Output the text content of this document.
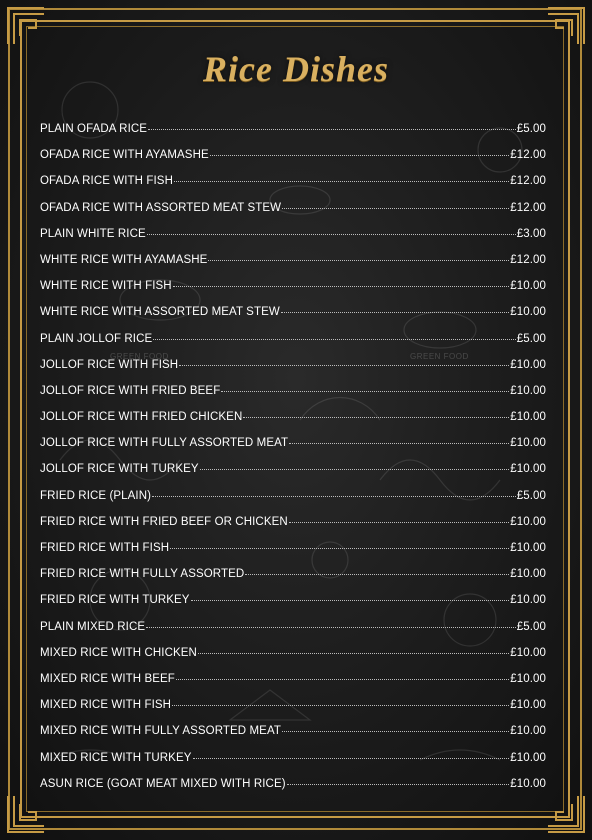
GREEN FOOD	GREEN FOOD
Rice Dishes
PLAIN OFADA RICE	£5.00
OFADA RICE WITH AYAMASHE	£12.00
OFADA RICE WITH FISH	£12.00
OFADA RICE WITH ASSORTED MEAT STEW	£12.00
PLAIN WHITE RICE	£3.00
WHITE RICE WITH AYAMASHE	£12.00
WHITE RICE WITH FISH	£10.00
WHITE RICE WITH ASSORTED MEAT STEW	£10.00
PLAIN JOLLOF RICE	£5.00
JOLLOF RICE WITH FISH	£10.00
JOLLOF RICE WITH FRIED BEEF	£10.00
JOLLOF RICE WITH FRIED CHICKEN	£10.00
JOLLOF RICE WITH FULLY ASSORTED MEAT	£10.00
JOLLOF RICE WITH TURKEY	£10.00
FRIED RICE (PLAIN)	£5.00
FRIED RICE WITH FRIED BEEF OR CHICKEN	£10.00
FRIED RICE WITH FISH	£10.00
FRIED RICE WITH FULLY ASSORTED	£10.00
FRIED RICE WITH TURKEY	£10.00
PLAIN MIXED RICE	£5.00
MIXED RICE WITH CHICKEN	£10.00
MIXED RICE WITH BEEF	£10.00
MIXED RICE WITH FISH	£10.00
MIXED RICE WITH FULLY ASSORTED MEAT	£10.00
MIXED RICE WITH TURKEY	£10.00
ASUN RICE (GOAT MEAT MIXED WITH RICE)	£10.00
